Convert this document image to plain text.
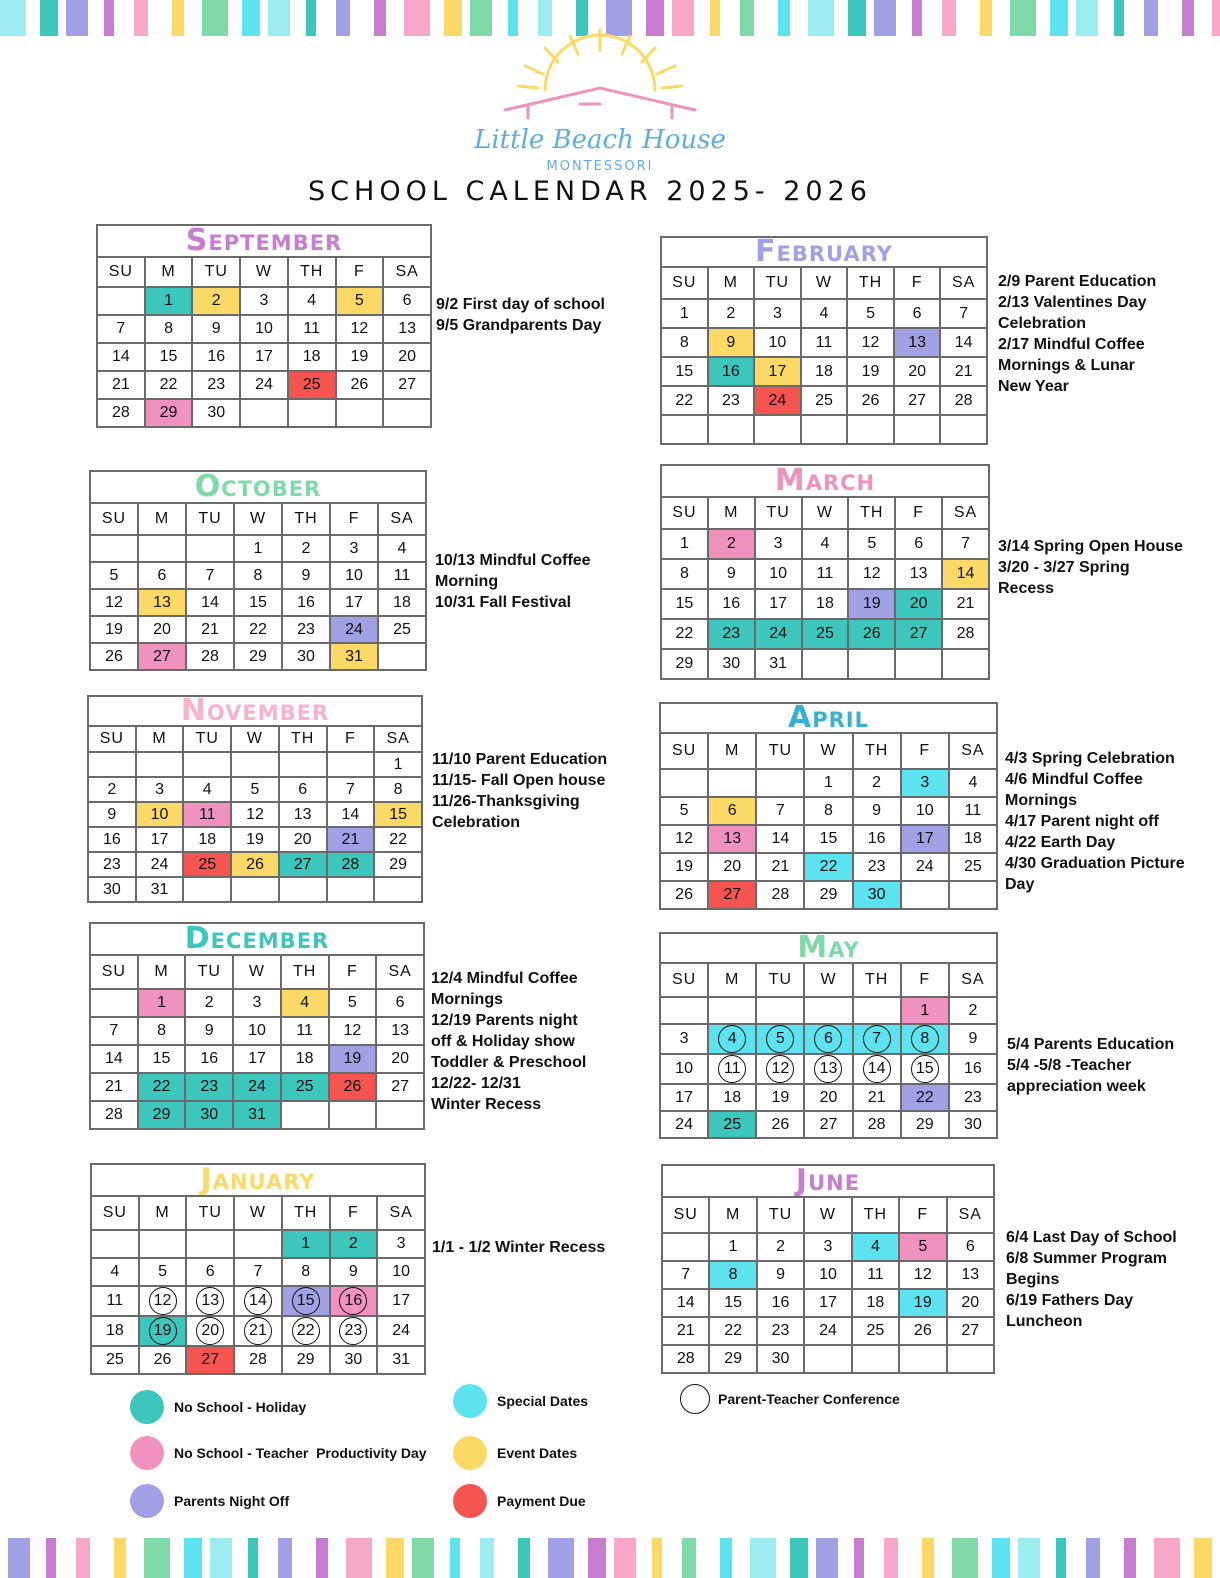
Little Beach House
MONTESSORI
SCHOOL CALENDAR 2025- 2026
September
SU	M	TU	W	TH	F	SA
	1	2	3	4	5	6
7	8	9	10	11	12	13
14	15	16	17	18	19	20
21	22	23	24	25	26	27
28	29	30				
9/2 First day of school
9/5 Grandparents Day
October
SU	M	TU	W	TH	F	SA
			1	2	3	4
5	6	7	8	9	10	11
12	13	14	15	16	17	18
19	20	21	22	23	24	25
26	27	28	29	30	31	
10/13 Mindful Coffee
Morning
10/31 Fall Festival
November
SU	M	TU	W	TH	F	SA
						1
2	3	4	5	6	7	8
9	10	11	12	13	14	15
16	17	18	19	20	21	22
23	24	25	26	27	28	29
30	31					
11/10 Parent Education
11/15- Fall Open house
11/26-Thanksgiving
Celebration
December
SU	M	TU	W	TH	F	SA
	1	2	3	4	5	6
7	8	9	10	11	12	13
14	15	16	17	18	19	20
21	22	23	24	25	26	27
28	29	30	31			
12/4 Mindful Coffee
Mornings
12/19 Parents night
off & Holiday show
Toddler & Preschool
12/22- 12/31
Winter Recess
January
SU	M	TU	W	TH	F	SA
				1	2	3
4	5	6	7	8	9	10
11	12	13	14	15	16	17
18	19	20	21	22	23	24
25	26	27	28	29	30	31
1/1 - 1/2 Winter Recess
February
SU	M	TU	W	TH	F	SA
1	2	3	4	5	6	7
8	9	10	11	12	13	14
15	16	17	18	19	20	21
22	23	24	25	26	27	28

2/9 Parent Education
2/13 Valentines Day
Celebration
2/17 Mindful Coffee
Mornings & Lunar
New Year
March
SU	M	TU	W	TH	F	SA
1	2	3	4	5	6	7
8	9	10	11	12	13	14
15	16	17	18	19	20	21
22	23	24	25	26	27	28
29	30	31				
3/14 Spring Open House
3/20 - 3/27 Spring
Recess
April
SU	M	TU	W	TH	F	SA
			1	2	3	4
5	6	7	8	9	10	11
12	13	14	15	16	17	18
19	20	21	22	23	24	25
26	27	28	29	30		
4/3 Spring Celebration
4/6 Mindful Coffee
Mornings
4/17 Parent night off
4/22 Earth Day
4/30 Graduation Picture
Day
May
SU	M	TU	W	TH	F	SA
					1	2
3	4	5	6	7	8	9
10	11	12	13	14	15	16
17	18	19	20	21	22	23
24	25	26	27	28	29	30
5/4 Parents Education
5/4 -5/8 -Teacher
appreciation week
June
SU	M	TU	W	TH	F	SA
	1	2	3	4	5	6
7	8	9	10	11	12	13
14	15	16	17	18	19	20
21	22	23	24	25	26	27
28	29	30				
6/4 Last Day of School
6/8 Summer Program
Begins
6/19 Fathers Day
Luncheon
No School - Holiday
No School - Teacher  Productivity Day
Parents Night Off
Special Dates
Event Dates
Payment Due
Parent-Teacher Conference
